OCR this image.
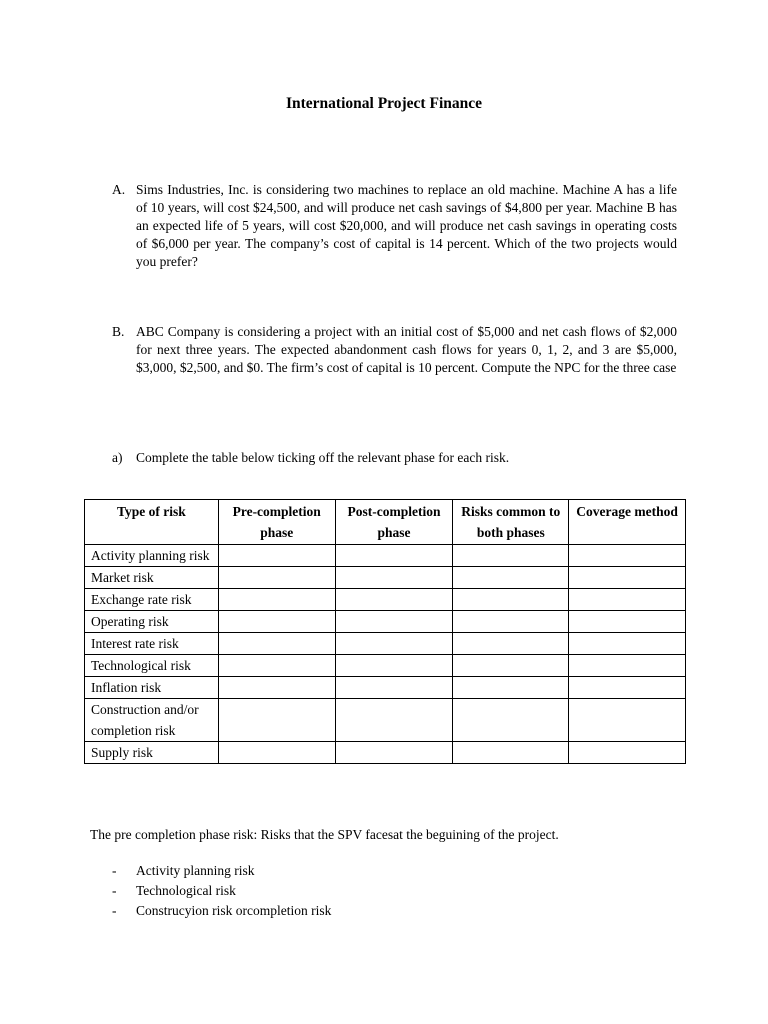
International Project Finance
A. Sims Industries, Inc. is considering two machines to replace an old machine. Machine A has a life of 10 years, will cost $24,500, and will produce net cash savings of $4,800 per year. Machine B has an expected life of 5 years, will cost $20,000, and will produce net cash savings in operating costs of $6,000 per year. The company’s cost of capital is 14 percent. Which of the two projects would you prefer?
B. ABC Company is considering a project with an initial cost of $5,000 and net cash flows of $2,000 for next three years. The expected abandonment cash flows for years 0, 1, 2, and 3 are $5,000, $3,000, $2,500, and $0. The firm’s cost of capital is 10 percent. Compute the NPC for the three case
a) Complete the table below ticking off the relevant phase for each risk.
Type of risk	Pre-completion phase	Post-completion phase	Risks common to both phases	Coverage method
Activity planning risk				
Market risk				
Exchange rate risk				
Operating risk				
Interest rate risk				
Technological risk				
Inflation risk				
Construction and/or completion risk				
Supply risk				
The pre completion phase risk: Risks that the SPV facesat the beguining of the project.
- Activity planning risk
- Technological risk
- Construcyion risk orcompletion risk
